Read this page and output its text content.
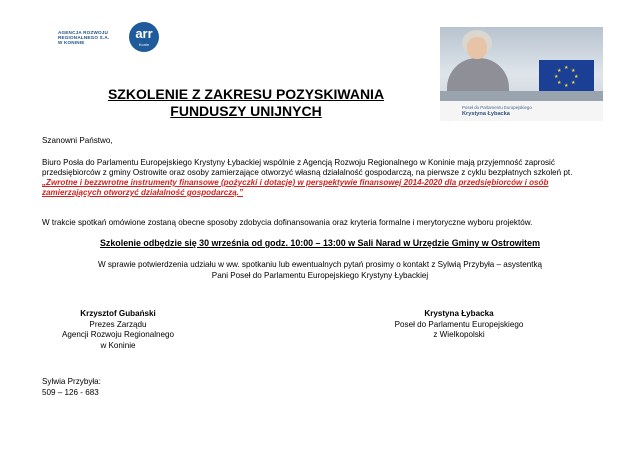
AGENCJA ROZWOJU
REGIONALNEGO S.A.
W KONINIE
arr
Konin
★ ★
★
★
★
★
★
★
Poseł do Parlamentu Europejskiego
Krystyna Łybacka
SZKOLENIE Z ZAKRESU POZYSKIWANIA
FUNDUSZY UNIJNYCH
Szanowni Państwo,
Biuro Posła do Parlamentu Europejskiego Krystyny Łybackiej wspólnie z Agencją Rozwoju Regionalnego w Koninie mają przyjemność zaprosić przedsiębiorców z gminy Ostrowite oraz osoby zamierzające otworzyć własną działalność gospodarczą, na pierwsze z cyklu bezpłatnych szkoleń pt.
„Zwrotne i bezzwrotne instrumenty finansowe (pożyczki i dotacje) w perspektywie finansowej 2014-2020 dla przedsiębiorców i osób zamierzających otworzyć działalność gospodarczą.”
W trakcie spotkań omówione zostaną obecne sposoby zdobycia dofinansowania oraz kryteria formalne i merytoryczne wyboru projektów.
Szkolenie odbędzie się 30 września od godz. 10:00 – 13:00 w Sali Narad w Urzędzie Gminy w Ostrowitem
W sprawie potwierdzenia udziału w ww. spotkaniu lub ewentualnych pytań prosimy o kontakt z Sylwią Przybyła – asystentką
Pani Poseł do Parlamentu Europejskiego Krystyny Łybackiej
Krzysztof Gubański
Prezes Zarządu
Agencji Rozwoju Regionalnego
w Koninie
Krystyna Łybacka
Poseł do Parlamentu Europejskiego
z Wielkopolski
Sylwia Przybyła:
509 – 126 - 683
